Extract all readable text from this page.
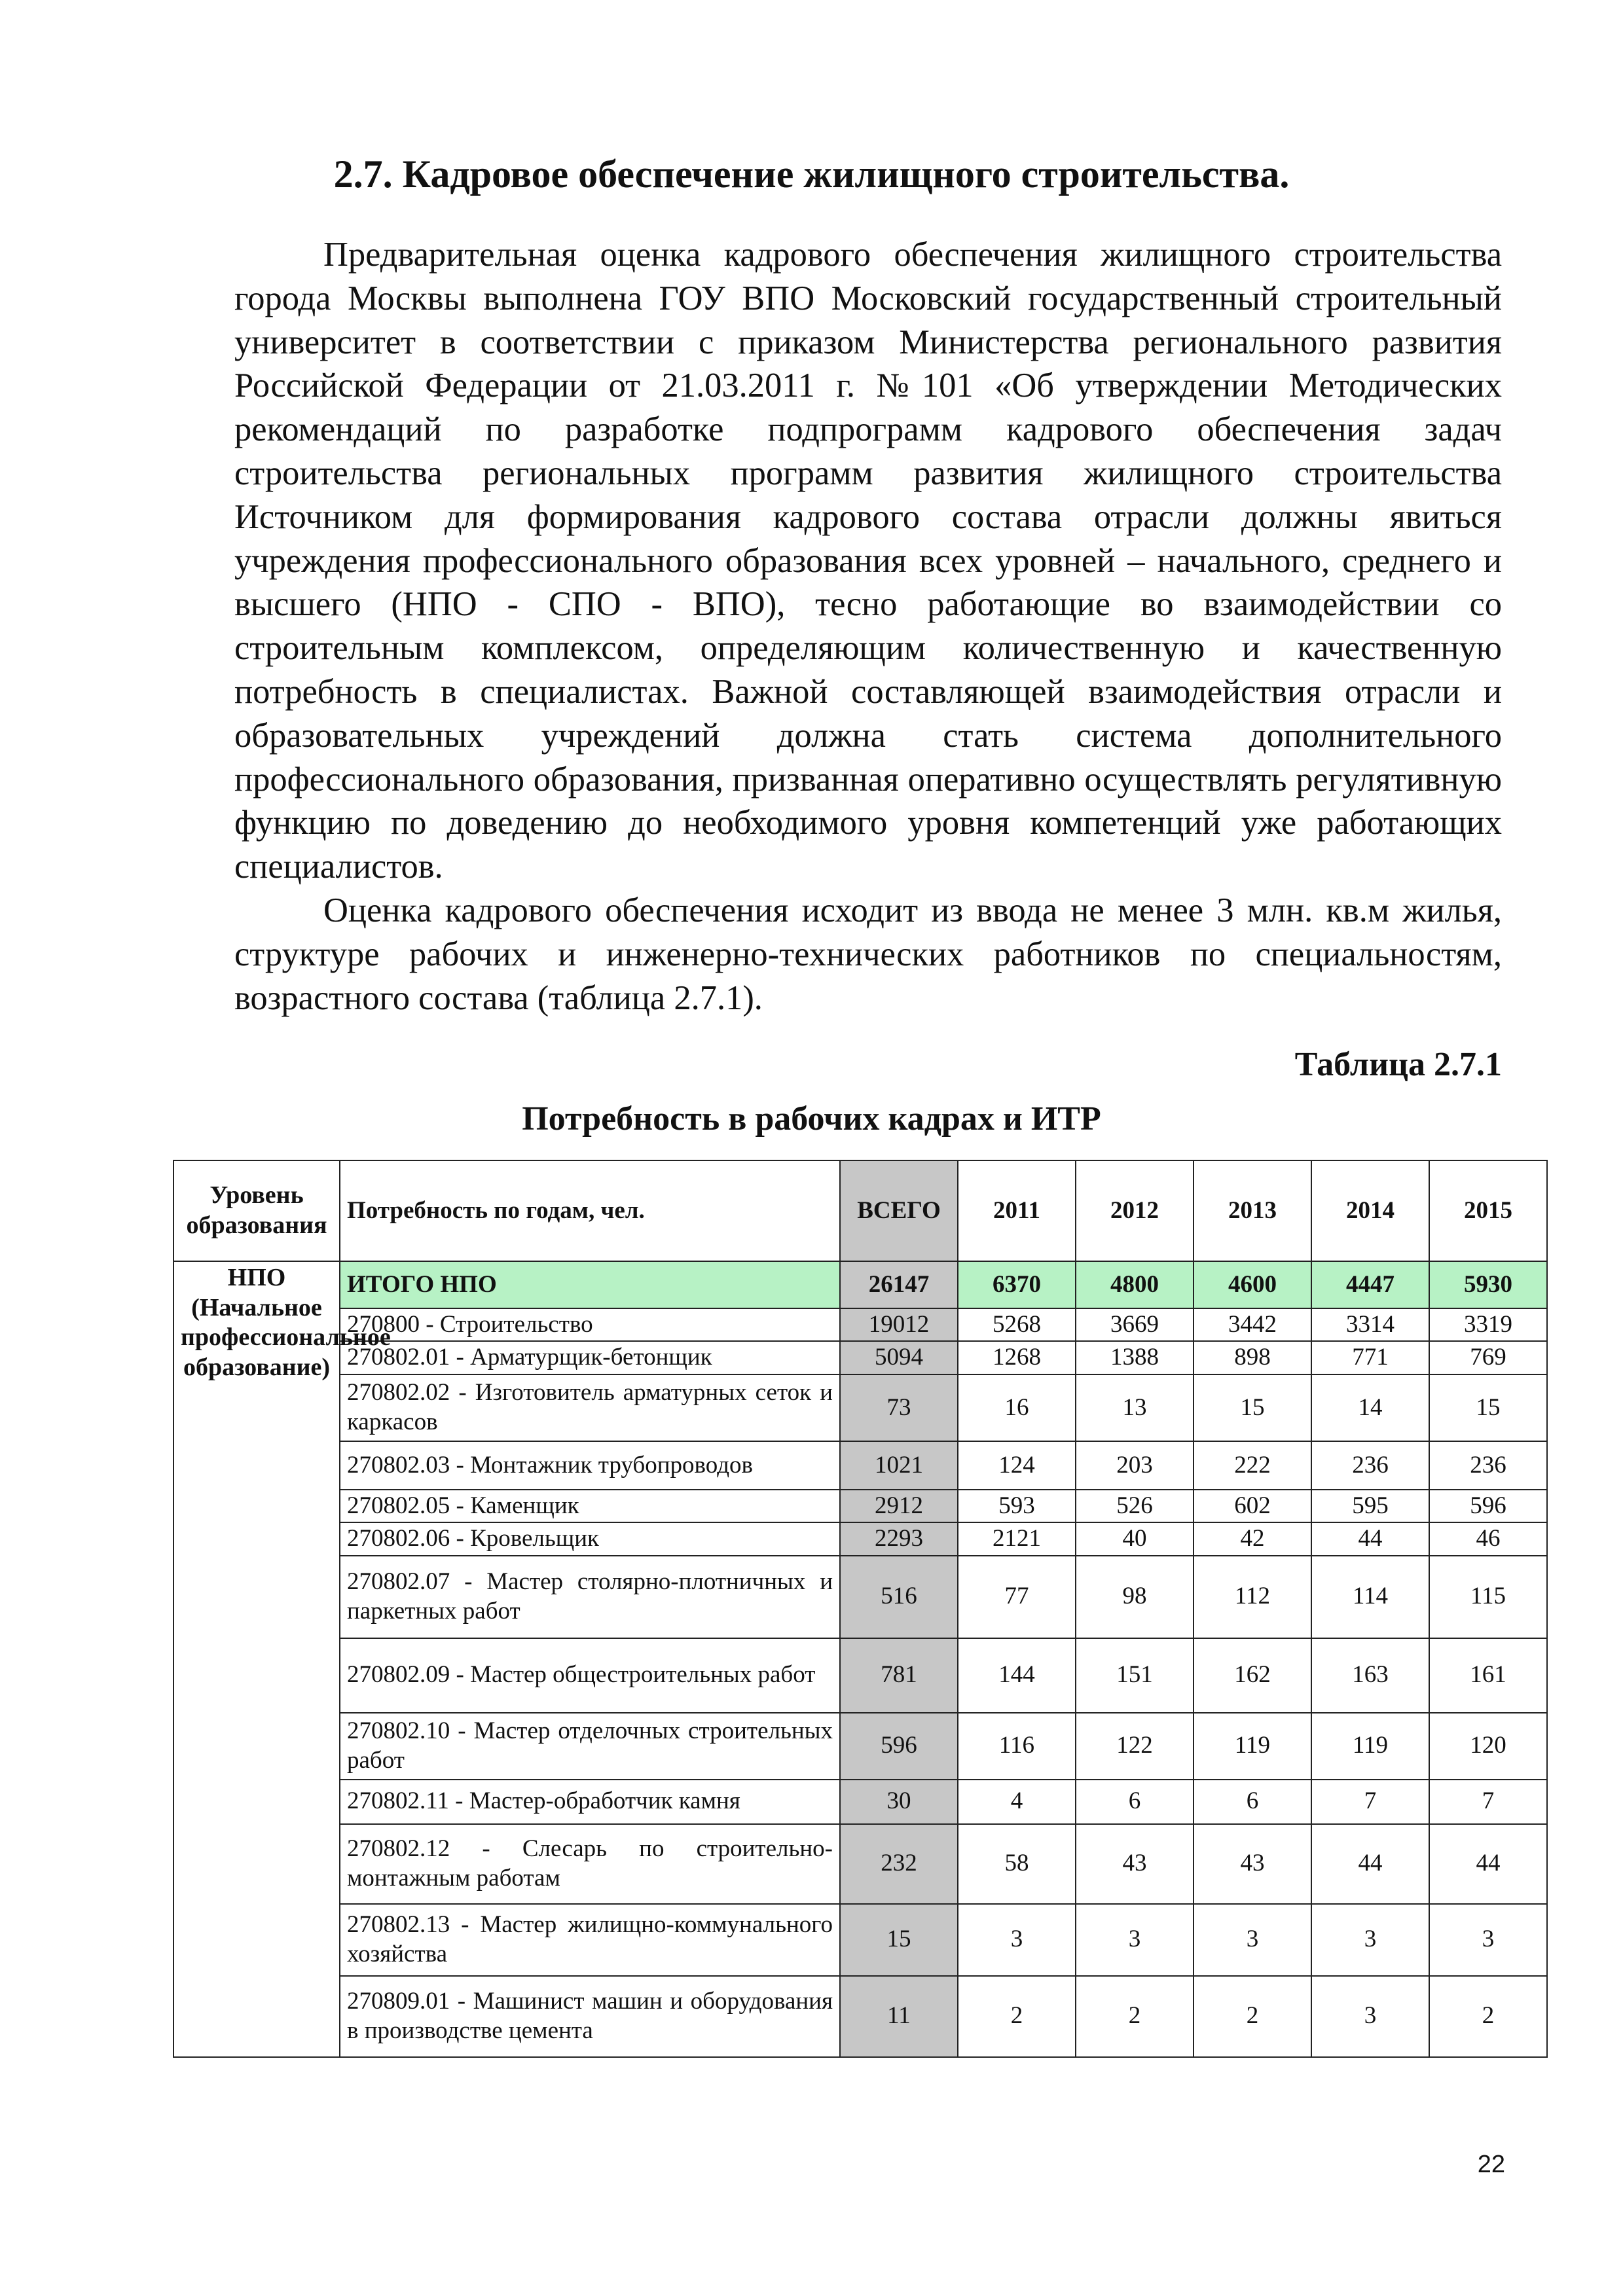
2.7. Кадровое обеспечение жилищного строительства.

Предварительная оценка кадрового обеспечения жилищного строительства города Москвы выполнена ГОУ ВПО Московский государственный строительный университет в соответствии с приказом Министерства регионального развития Российской Федерации от 21.03.2011 г. №101 «Об утверждении Методических рекомендаций по разработке подпрограмм кадрового обеспечения задач строительства региональных программ развития жилищного строительства Источником для формирования кадрового состава отрасли должны явиться учреждения профессионального образования всех уровней – начального, среднего и высшего (НПО - СПО - ВПО), тесно работающие во взаимодействии со строительным комплексом, определяющим количественную и качественную потребность в специалистах. Важной составляющей взаимодействия отрасли и образовательных учреждений должна стать система дополнительного профессионального образования, призванная оперативно осуществлять регулятивную функцию по доведению до необходимого уровня компетенций уже работающих специалистов.

Оценка кадрового обеспечения исходит из ввода не менее 3 млн. кв.м жилья, структуре рабочих и инженерно-технических работников по специальностям, возрастного состава (таблица 2.7.1).

Таблица 2.7.1
Потребность в рабочих кадрах и ИТР
Уровень образования	Потребность по годам, чел.	ВСЕГО	2011	2012	2013	2014	2015
НПО (Начальное профессиональное образование)	ИТОГО НПО	26147	6370	4800	4600	4447	5930
	270800 - Строительство	19012	5268	3669	3442	3314	3319
	270802.01 - Арматурщик-бетонщик	5094	1268	1388	898	771	769
	270802.02 - Изготовитель арматурных сеток и каркасов	73	16	13	15	14	15
	270802.03 - Монтажник трубопроводов	1021	124	203	222	236	236
	270802.05 - Каменщик	2912	593	526	602	595	596
	270802.06 - Кровельщик	2293	2121	40	42	44	46
	270802.07 - Мастер столярно-плотничных и паркетных работ	516	77	98	112	114	115
	270802.09 - Мастер общестроительных работ	781	144	151	162	163	161
	270802.10 - Мастер отделочных строительных работ	596	116	122	119	119	120
	270802.11 - Мастер-обработчик камня	30	4	6	6	7	7
	270802.12 - Слесарь по строительно-монтажным работам	232	58	43	43	44	44
	270802.13 - Мастер жилищно-коммунального хозяйства	15	3	3	3	3	3
	270809.01 - Машинист машин и оборудования в производстве цемента	11	2	2	2	3	2
22
